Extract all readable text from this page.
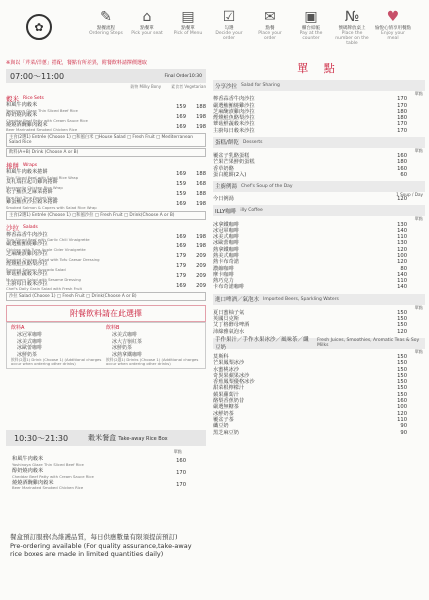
✿
✎
點餐流程
Ordering Steps
⌂
點餐單
Pick your seat
▤
點餐單
Pick of Menu
☑
勾選
Decide your order
✉
點餐
Place your order
▣
櫃台結帳
Pay at the counter
№
號碼牌放桌上
Place the number on the table
♥
愉悅心情享用餐點
Enjoy your meal
※與以「芹菜/洋蔥」搭配，餐點有所差異，附餐飲料請擇價選取
07:00～11:00	Final Order10:30
穀物 Milky Bony	素食者 Vegetarian
穀米 Rice Sets
和風牛肉穀米
Yoshinoya Glaze Thin Sliced Beef Rice
159	188
醇奶燒肉穀米
Cheddar Beef Patty with Cream Sauce Rice
169	198
燒燒酒醃雞肉穀米
Beer Marinated Smoked Chicken Rice
169	198
主食(2選1) Entrée (Choose 1) □和風白米 □House Salad □ Fresh Fruit □ Mediterranean Salad Rice
飲料(A+B) Drink (Choose A or B)
捲餅 Wraps
和風牛肉穀米捲餅
Thin Sliced Beef with Salad Rice Wrap
169	188
莫札瑞拉起司雞肉捲餅
Mozzarella Chicken Rice Wrap
159	168
松子鮪魚芝麻菜捲餅
Pine Nut Tuna Rocket Wrap
159	188
雞蛋鮪魚沙拉穀米捲餅
Smoked Salmon & Capers with Salad Rice Wrap
169	198
主食(2選1) Entrée (Choose 1) □和風沙拉 □ Fresh Fruit □ Drink(Choose A or B)
沙拉 Salads
檸香蒜香牛肉沙拉
Thin Sliced Beef with Garlic Chili Vinaigrette
169	198
嚴選鮪鮪燒雞沙拉
Chicken with Tuna Apple Cider Vinaigrette
169	198
芝麻醃漬雞肉沙拉
Smoked Chicken Salad with Tofu Caesar Dressing
179	209
煙燻鮭魚酪梨沙拉
Smoked Salmon Avocado Salad
179	209
蕈菇鮮蔬穀米沙拉
Mushroom Salad with Sesame Dressing
179	209
主廚每日穀米沙拉
Chef's Daily Grain Salad with Fresh Fruit
169	209
沙拉 Salad (Choose 1) □ Fresh Fruit □ Drink(Choose A or B)
附餐飲料請在此選擇
飲料A
冰冠軍咖啡
冰美式咖啡
冰歐蕾咖啡
冰鮮奶茶
飲料(2選1) Drink (Choose 1) (Additional charges occur when ordering other drinks)
飲料B
冰美式咖啡
冰大吉嶺紅茶
冰鮮奶茶
冰熱拿鐵咖啡
飲料(2選1) Drinks (Choose 1) (Additional charges occur when ordering other drinks)
10:30～21:30	穀米餐盒 Take-away Rice Box
單點
和風牛肉穀米
Yoshinoya Glaze Thin Sliced Beef Rice
160
醇奶燒肉穀米
Cheddar Beef Patty with Cream Sauce Rice
170
燒燒酒醃雞肉穀米
Beer Marinated Smoked Chicken Rice
170
餐盒預訂服務(為維護品質，每日供應數量有限須提前預訂)
Pre-ordering available (For quality assurance,take-away rice boxes are made in limited quantities daily)
單 點
分享沙拉 Salad for Sharing
單點
檸香蒜香牛肉沙拉	170
嚴選鮪鮪燒雞沙拉	170
芝麻醃漬雞肉沙拉	180
煙燻鮭魚酪梨沙拉	180
蕈菇鮮蔬穀米沙拉	170
主廚每日穀米沙拉	170
蛋糕/餅乾 Desserts
單點
覆盆子乳酪蛋糕	160
芒果芒果鮮奶蛋糕	180
香草奶酪	160
蛋白脆餅(2入)	60
主廚例湯 Chef's Soup of the Day
1 Soup / Day
今日例湯	120
ILLY咖啡 illy Coffee
單點
冰拿鐵咖啡	130
冰冠軍咖啡	140
冰美式咖啡	110
冰歐蕾咖啡	130
熱拿鐵咖啡	120
熱美式咖啡	100
熱卡布奇諾	120
濃縮咖啡	80
摩卡咖啡	140
熱巧克力	110
卡布奇諾咖啡	140
進口啤酒／氣泡水 Imported Beers, Sparkling Waters
單點
夏日蜜柚子氣	150
英國貝克斯	150
艾丁格酵母啤酒	150
沛綠雅氣泡水	120
手作果汁／手作水果冰沙／風味茶／纖豆奶
Fresh Juices, Smoothies, Aromatic Teas & Soy Milks
單點
莫斯科	150
芒果鳳梨冰沙	150
水蜜桃冰沙	150
奇異果蘋果冰沙	150
香蕉鳳梨優格冰沙	150
甜菜根檸檬汁	150
蘋果蘿蔔汁	150
酪梨香蕉奶昔	160
嚴選無糖茶	100
冰鮮奶茶	120
覆盆子茶	110
纖豆奶	90
黑芝麻豆奶	90
